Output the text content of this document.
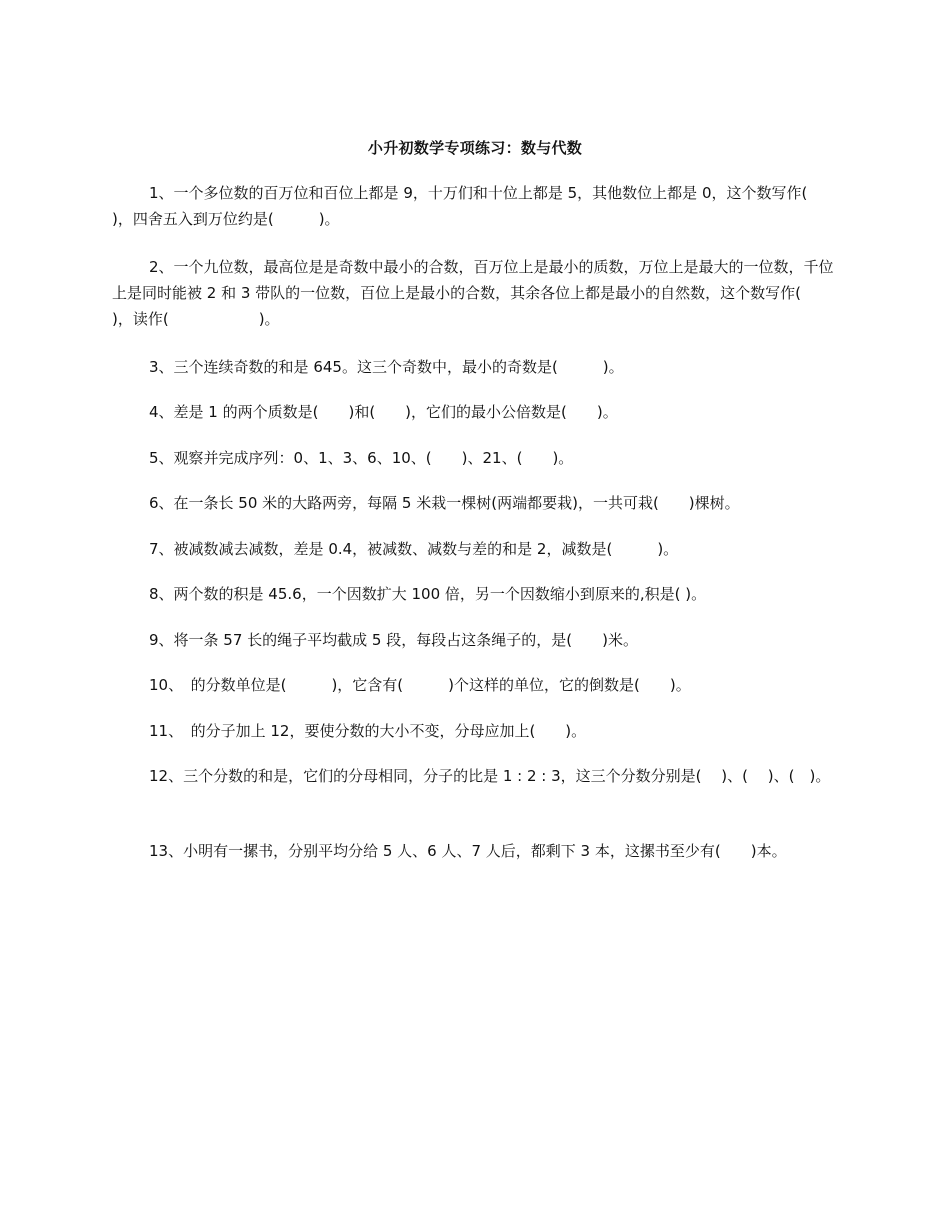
小升初数学专项练习：数与代数
1、一个多位数的百万位和百位上都是 9，十万们和十位上都是 5，其他数位上都是 0，这个数写作(　　　　　)，四舍五入到万位约是(　　　)。
2、一个九位数，最高位是是奇数中最小的合数，百万位上是最小的质数，万位上是最大的一位数，千位上是同时能被 2 和 3 带队的一位数，百位上是最小的合数，其余各位上都是最小的自然数，这个数写作(　　　　)，读作(　　　　　　)。
3、三个连续奇数的和是 645。这三个奇数中，最小的奇数是(　　　)。
4、差是 1 的两个质数是(　　)和(　　)，它们的最小公倍数是(　　)。
5、观察并完成序列：0、1、3、6、10、(　　)、21、(　　)。
6、在一条长 50 米的大路两旁，每隔 5 米栽一棵树(两端都要栽)，一共可栽(　　)棵树。
7、被减数减去减数，差是 0.4，被减数、减数与差的和是 2，减数是(　　　)。
8、两个数的积是 45.6，一个因数扩大 100 倍，另一个因数缩小到原来的,积是( )。
9、将一条 57 长的绳子平均截成 5 段，每段占这条绳子的，是(　　)米。
10、　的分数单位是(　　　)，它含有(　　　)个这样的单位，它的倒数是(　　)。
11、　的分子加上 12，要使分数的大小不变，分母应加上(　　)。
12、三个分数的和是，它们的分母相同，分子的比是 1 : 2 : 3，这三个分数分别是(　 )、(　 )、(　)。
13、小明有一摞书，分别平均分给 5 人、6 人、7 人后，都剩下 3 本，这摞书至少有(　　)本。
